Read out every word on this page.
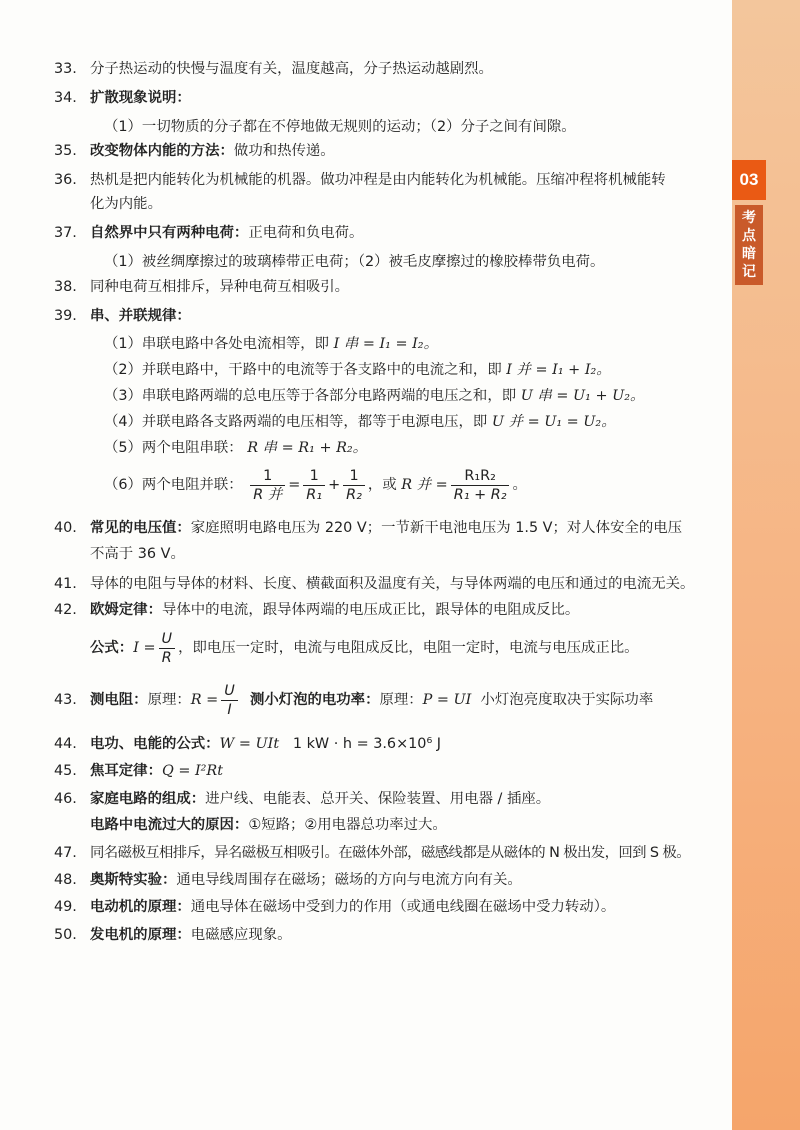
03
考
点
暗
记
33. 分子热运动的快慢与温度有关，温度越高，分子热运动越剧烈。
34. 扩散现象说明：
（1）一切物质的分子都在不停地做无规则的运动；（2）分子之间有间隙。
35. 改变物体内能的方法：做功和热传递。
36. 热机是把内能转化为机械能的机器。做功冲程是由内能转化为机械能。压缩冲程将机械能转
化为内能。
37. 自然界中只有两种电荷：正电荷和负电荷。
（1）被丝绸摩擦过的玻璃棒带正电荷；（2）被毛皮摩擦过的橡胶棒带负电荷。
38. 同种电荷互相排斥，异种电荷互相吸引。
39. 串、并联规律：
（1）串联电路中各处电流相等，即 I 串 = I₁ = I₂。
（2）并联电路中，干路中的电流等于各支路中的电流之和，即 I 并 = I₁ + I₂。
（3）串联电路两端的总电压等于各部分电路两端的电压之和，即 U 串 = U₁ + U₂。
（4）并联电路各支路两端的电压相等，都等于电源电压，即 U 并 = U₁ = U₂。
（5）两个电阻串联： R 串 = R₁ + R₂。
（6）两个电阻并联： $\frac{1}{\text{R 并}} = \frac{1}{\text{R₁}} + \frac{1}{\text{R₂}}$ ，或 R 并 = $\frac{\text{R₁R₂}}{\text{R₁ + R₂}}$ 。
40. 常见的电压值：家庭照明电路电压为 220 V；一节新干电池电压为 1.5 V；对人体安全的电压
不高于 36 V。
41. 导体的电阻与导体的材料、长度、横截面积及温度有关，与导体两端的电压和通过的电流无关。
42. 欧姆定律：导体中的电流，跟导体两端的电压成正比，跟导体的电阻成反比。
公式：$I = \frac{U}{R}$ ，即电压一定时，电流与电阻成反比，电阻一定时，电流与电压成正比。
43. 测电阻：原理：$R = \frac{U}{I}$ 测小灯泡的电功率：原理：P = UI 小灯泡亮度取决于实际功率
44. 电功、电能的公式：W = UIt 1 kW · h = 3.6×10⁶ J
45. 焦耳定律：Q = I²Rt
46. 家庭电路的组成：进户线、电能表、总开关、保险装置、用电器 / 插座。
电路中电流过大的原因：①短路；②用电器总功率过大。
47. 同名磁极互相排斥，异名磁极互相吸引。在磁体外部，磁感线都是从磁体的 N 极出发，回到 S 极。
48. 奥斯特实验：通电导线周围存在磁场；磁场的方向与电流方向有关。
49. 电动机的原理：通电导体在磁场中受到力的作用（或通电线圈在磁场中受力转动）。
50. 发电机的原理：电磁感应现象。
